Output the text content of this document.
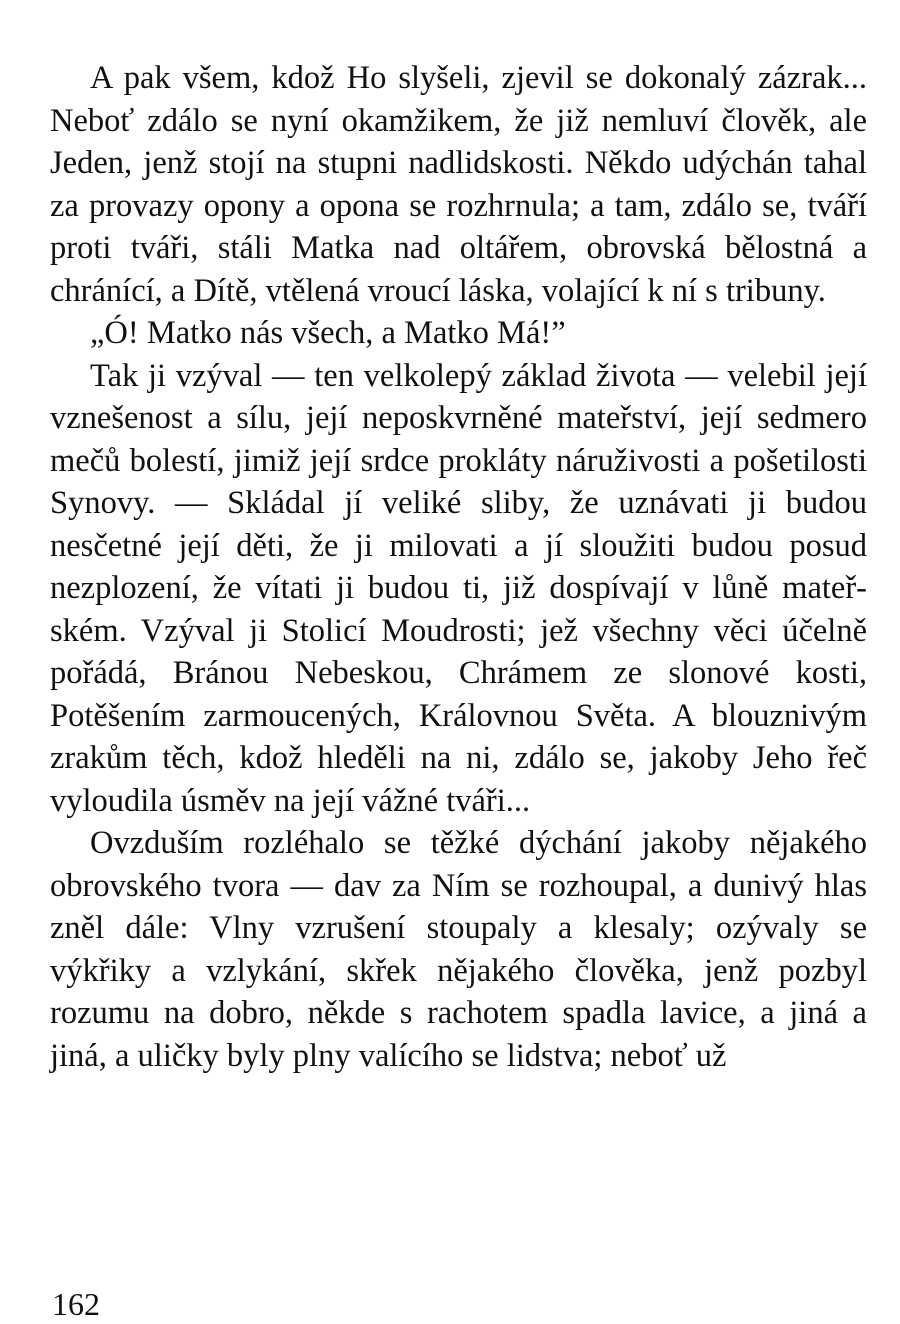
A pak všem, kdož Ho slyšeli, zjevil se dokonalý zázrak... Neboť zdálo se nyní okamžikem, že již nemluví člověk, ale Jeden, jenž stojí na stupni nadlidskosti. Někdo udýchán tahal za provazy opony a opona se rozhrnula; a tam, zdálo se, tváří proti tváři, stáli Matka nad oltářem, obrovská bělostná a chránící, a Dítě, vtělená vroucí láska, volající k ní s tribuny.

„Ó! Matko nás všech, a Matko Má!”

Tak ji vzýval — ten velkolepý základ života — velebil její vznešenost a sílu, její neposkvrněné mateřství, její sedmero mečů bolestí, jimiž její srdce prokláty náruživosti a pošetilosti Synovy. — Skládal jí veliké sliby, že uznávati ji budou nesčetné její děti, že ji milovati a jí sloužiti budou posud nezplození, že vítati ji budou ti, již dospívají v lůně mateřském. Vzýval ji Stolicí Moudrosti; jež všechny věci účelně pořádá, Bránou Nebeskou, Chrámem ze slonové kosti, Potěšením zarmoucených, Královnou Světa. A blouznivým zrakům těch, kdož hleděli na ni, zdálo se, jakoby Jeho řeč vyloudila úsměv na její vážné tváři...

Ovzduším rozléhalo se těžké dýchání jakoby nějakého obrovského tvora — dav za Ním se rozhoupal, a dunivý hlas zněl dále: Vlny vzrušení stoupaly a klesaly; ozývaly se výkřiky a vzlykání, skřek nějakého člověka, jenž pozbyl rozumu na dobro, někde s rachotem spadla lavice, a jiná a jiná, a uličky byly plny valícího se lidstva; neboť už

162
